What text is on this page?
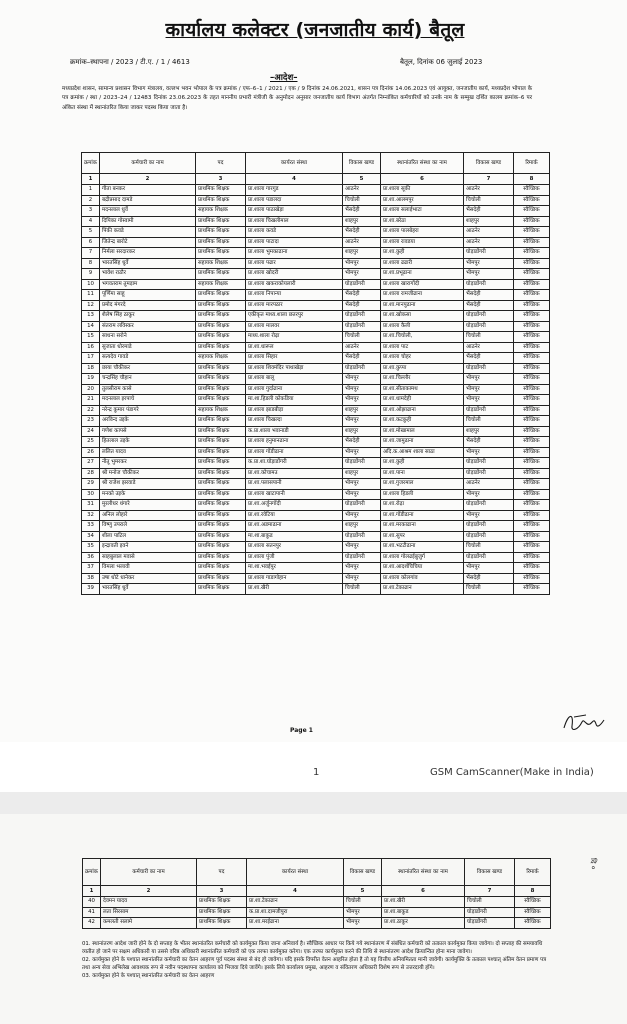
कार्यालय कलेक्टर (जनजातीय कार्य) बैतूल
क्रमांक–स्थापना / 2023 / टी.ए. / 1 / 4613	बैतूल, दिनांक 06 जुलाई 2023
–आदेश–
मध्यप्रदेश शासन, सामान्य प्रशासन विभाग मंत्रालय, वल्लभ भवन भोपाल के पत्र क्रमांक / एफ–6–1 / 2021 / एक / 9 दिनांक 24.06.2021, शासन पत्र दिनांक 14.06.2023 एवं आयुक्त, जनजातीय कार्य, मध्यप्रदेश भोपाल के पत्र क्रमांक / स्था / 2023–24 / 12483 दिनांक 23.06.2023 के तहत माननीय प्रभारी मंत्रीजी के अनुमोदन अनुसार जनजातीय कार्य विभाग अंतर्गत निम्नांकित कर्मचारियों को उनके नाम के सम्मुख दर्शित कालम क्रमांक–6 पर अंकित संस्था में स्थानांतरित किया जाकर पदस्थ किया जाता है।
क्रमांक	कर्मचारी का नाम	पद	कार्यरत संस्था	विकास खण्ड	स्थानांतरित संस्था का नाम	विकास खण्ड	रिमार्क
1	2	3	4	5	6	7	8
1	गीता बनकर	प्राथमिक शिक्षक	प्रा.शाला गारगुड	आठनेर	प्रा.शाला सूकी	आठनेर	स्वैच्छिक
2	बद्रीप्रसाद दामडे	प्राथमिक शिक्षक	प्रा.शाला पडालदा	चिचोली	प्रा.शा.आलमपुर	चिचोली	स्वैच्छिक
3	मदनलाल धुर्वे	सहायक शिक्षक	प्रा.शाला पाठाखेड़ा	भैंसदेही	प्रा.शाला सलाईभाटा	भैंसदेही	स्वैच्छिक
4	दिपिका गोस्वामी	प्राथमिक शिक्षक	प्रा.शाला चिखलीमाल	शाहपुर	प्रा.शा.बरेठा	शाहपुर	स्वैच्छिक
5	पिंकी कवडे	प्राथमिक शिक्षक	प्रा.शाला कवडे	भैंसदेही	प्रा.शाला पालबेहरा	आठनेर	स्वैच्छिक
6	जितेन्द्र बारोटे	प्राथमिक शिक्षक	प्रा.शाला पाटादा	आठनेर	प्रा.शाला रावडया	आठनेर	स्वैच्छिक
7	निर्मला सरदारकर	प्राथमिक शिक्षक	प्रा.शाला भुमकाढाना	शाहपुर	प्रा.शा.कुही	घोड़ाडोंगरी	स्वैच्छिक
8	भारतसिंह धुर्वे	सहायक शिक्षक	प्रा.शाला पढार	भीमपुर	प्रा.शाला ढढारी	भीमपुर	स्वैच्छिक
9	भावेश राठौर	प्राथमिक शिक्षक	प्रा.शाला खोदरी	भीमपुर	प्रा.शा.प्रभूढाना	भीमपुर	स्वैच्छिक
10	भगवतराम तुमड़ाम	सहायक शिक्षक	प्रा.शाला खकराकोयलारी	घोड़ाडोंगरी	प्रा.शाला खारागोंदी	घोड़ाडोंगरी	स्वैच्छिक
11	पूर्णिमा साहू	प्राथमिक शिक्षक	प्रा.शाला निपान्या	भैंसदेही	प्रा.शाला रामजीढाना	भैंसदेही	स्वैच्छिक
12	प्रमोद मंगरदे	प्राथमिक शिक्षक	प्रा.शाला मारपठार	भैंसदेही	प्रा.शा.मानपुढाना	भैंसदेही	स्वैच्छिक
13	शैलेष सिंह ठाकुर	प्राथमिक शिक्षक	एकीकृत माध्य.शाला छतरपुर	घोड़ाडोंगरी	प्रा.शा.खोकसा	घोड़ाडोंगरी	स्वैच्छिक
14	संतराम लविस्कर	प्राथमिक शिक्षक	प्रा.शाला मालवर	घोड़ाडोंगरी	प्रा.शाला कैली	घोड़ाडोंगरी	स्वैच्छिक
15	साधना सरोने	प्राथमिक शिक्षक	माध्य.शाला रोढ़ा	चिचोली	प्रा.शा.चिचोली,	चिचोली	स्वैच्छिक
16	सुजाता धोरमाडे	प्राथमिक शिक्षक	प्रा.शा.धारूल	आठनेर	प्रा.शाला पाट	आठनेर	स्वैच्छिक
17	सत्यदेव गावडे	सहायक शिक्षक	प्रा.शाला सिहार	भैंसदेही	प्रा.शाला चोहर	भैंसदेही	स्वैच्छिक
18	छाया चौकीकर	प्राथमिक शिक्षक	प्रा.शाला शिवमंदिर पाथाखेड़ा	घोड़ाडोंगरी	प्रा.शा.कुप्पा	घोड़ाडोंगरी	स्वैच्छिक
19	चन्द्रसिंह चौहान	प्राथमिक शिक्षक	प्रा.शाला बालू	भीमपुर	प्रा.शा.चिल्लौर	भीमपुर	स्वैच्छिक
20	तुलसीराम कासे	प्राथमिक शिक्षक	प्रा.शाला गुर्दाढाना	भीमपुर	प्रा.शा.सीताकामथ	भीमपुर	स्वैच्छिक
21	मदनलाल इरपाचे	प्राथमिक शिक्षक	मा.शा.हिडली कोकडिया	भीमपुर	प्रा.शा.धामदेही	भीमपुर	स्वैच्छिक
22	नरेन्द्र कुमार पंडागरे	सहायक शिक्षक	प्रा.शाला झाडबीड़ा	शाहपुर	प्रा.शा.ओझाढाना	घोड़ाडोंगरी	स्वैच्छिक
23	अरविन्द उइके	प्राथमिक शिक्षक	प्रा.शाला चिखल्दा	भीमपुर	प्रा.शा.कटकुही	चिचोली	स्वैच्छिक
24	गणेश कापसे	प्राथमिक शिक्षक	क.प्रा.शाला भवानाडी	शाहपुर	प्रा.शा.मोखामाल	शाहपुर	स्वैच्छिक
25	हितलाल उइके	प्राथमिक शिक्षक	प्रा.शाला हनुमानढाना	भैंसदेही	प्रा.शा.जामुढाना	भैंसदेही	स्वैच्छिक
26	ललित यादव	प्राथमिक शिक्षक	प्रा.शाला गोंडीढाना	भीमपुर	अदि.क.आश्रम शाला साठा	भीमपुर	स्वैच्छिक
27	नीतू भुमरकर	प्राथमिक शिक्षक	क.प्रा.शा.घोड़ाडोंगरी	घोड़ाडोंगरी	प्रा.शा.कुही	घोड़ाडोंगरी	स्वैच्छिक
28	श्री मनोज चौकीकर	प्राथमिक शिक्षक	प्रा.शा.कोचामउ	शाहपुर	प्रा.शा.पाना	घोड़ाडोंगरी	स्वैच्छिक
29	श्री राजेश झरवाडे	प्राथमिक शिक्षक	प्रा.शा.पलासपानी	भीमपुर	प्रा.शा.गुजरमाल	आठनेर	स्वैच्छिक
30	मनको उइके	प्राथमिक शिक्षक	प्रा.शाला खाटापानी	भीमपुर	प्रा.शाला हिडली	भीमपुर	स्वैच्छिक
31	मुरलीधर धंगारे	प्राथमिक शिक्षक	प्रा.शा.अर्जुनगोंदी	घोड़ाडोंगरी	प्रा.शा.रोढ़ा	घोड़ाडोंगरी	स्वैच्छिक
32	अनिल लोहारे	प्राथमिक शिक्षक	प्रा.शा.रवेटिया	भीमपुर	प्रा.शा.गोंडीढाना	भीमपुर	स्वैच्छिक
33	विष्णु उपराले	प्राथमिक शिक्षक	प्रा.शा.अडमाढाना	शाहपुर	प्रा.शा.मरकाढाना	घोड़ाडोंगरी	स्वैच्छिक
34	शीला पाटिल	प्राथमिक शिक्षक	मा.शा.बाकुड	घोड़ाडोंगरी	प्रा.शा.सुपर	घोड़ाडोंगरी	स्वैच्छिक
35	इन्द्रावती इवने	प्राथमिक शिक्षक	प्रा.शाला सतनपुर	भीमपुर	प्रा.शा.भटटीढाना	चिचोली	स्वैच्छिक
36	साहबुलाल मवासे	प्राथमिक शिक्षक	प्रा.शाला पुंजी	घोड़ाडोंगरी	प्रा.शाला गोलढईबुजुर्ग	घोड़ाडोंगरी	स्वैच्छिक
37	विमला भलावी	प्राथमिक शिक्षक	मा.शा.भवईपुर	भीमपुर	प्रा.शा.आदर्शचिचिया	भीमपुर	स्वैच्छिक
38	उषा धोटे धानेकर	प्राथमिक शिक्षक	प्रा.शाला गाडागोहान	भीमपुर	प्रा.शाला कोलगांव	भैंसदेही	स्वैच्छिक
39	भारतसिंह धुर्वे	प्राथमिक शिक्षक	प्रा.शा.खैरी	चिचोली	प्रा.शा.टेकाढान	चिचोली	स्वैच्छिक
Page 1
1	GSM CamScanner(Make in India)
क्रमांक	कर्मचारी का नाम	पद	कार्यरत संस्था	विकास खण्ड	स्थानांतरित संस्था का नाम	विकास खण्ड	रिमार्क
1	2	3	4	5	6	7	8
40	देवमन यादव	प्राथमिक शिक्षक	प्रा.शा.टेकाढान	चिचोली	प्रा.शा.खैरी	चिचोली	स्वैच्छिक
41	लता सिरसाम	प्राथमिक शिक्षक	क.प्रा.शा.दामजीपुरा	भीमपुर	प्रा.शा.बाकुड	घोड़ाडोंगरी	स्वैच्छिक
42	कमलती सलामे	प्राथमिक शिक्षक	प्रा.शा.मरईढाना	भीमपुर	प्रा.शा.ठाकुर	घोड़ाडोंगरी	स्वैच्छिक

01. स्थानांतरण आदेश जारी होने के दो सप्ताह के भीतर स्थानांतरित कर्मचारी को कार्यमुक्त किया जाना अनिवार्य है। स्वैच्छिक आधार पर किये गये स्थानांतरण में संबंधित कर्मचारी को तत्काल कार्यमुक्त किया जावेगा। दो सप्ताह की समयावधि व्यतीत हो जाने पर सक्षम अधिकारी या उससे वरिष्ठ अधिकारी स्थानांतरित कर्मचारी को एक तरफा कार्यमुक्त करेगा। एक तरफा कार्यमुक्त करने की तिथि से स्थानांतरण आदेश क्रियान्वित होना माना जावेगा।

02. कार्यमुक्त होने के पश्चात स्थानांतरित कर्मचारी का वेतन आहरण पूर्व पदस्थ संस्था से बंद हो जावेगा। यदि इसके विपरीत वेतन आहरित होता है तो यह वित्तीय अनियमितता मानी जावेगी। कार्यमुक्ति के तत्काल पश्चात् अंतिम वेतन प्रमाण पत्र तथा अन्य सेवा अभिलेख आवश्यक रूप से नवीन पदस्थापना कार्यालय को भिजवा दिये जावेंगे। इसके लिये कार्यालय प्रमुख, आहरण व संवितरण अधिकारी विशेष रूप से उत्तरदायी होंगे।

03. कार्यमुक्त होने के पश्चात् स्थानांतरित कर्मचारी का वेतन आहरण

दि ०
